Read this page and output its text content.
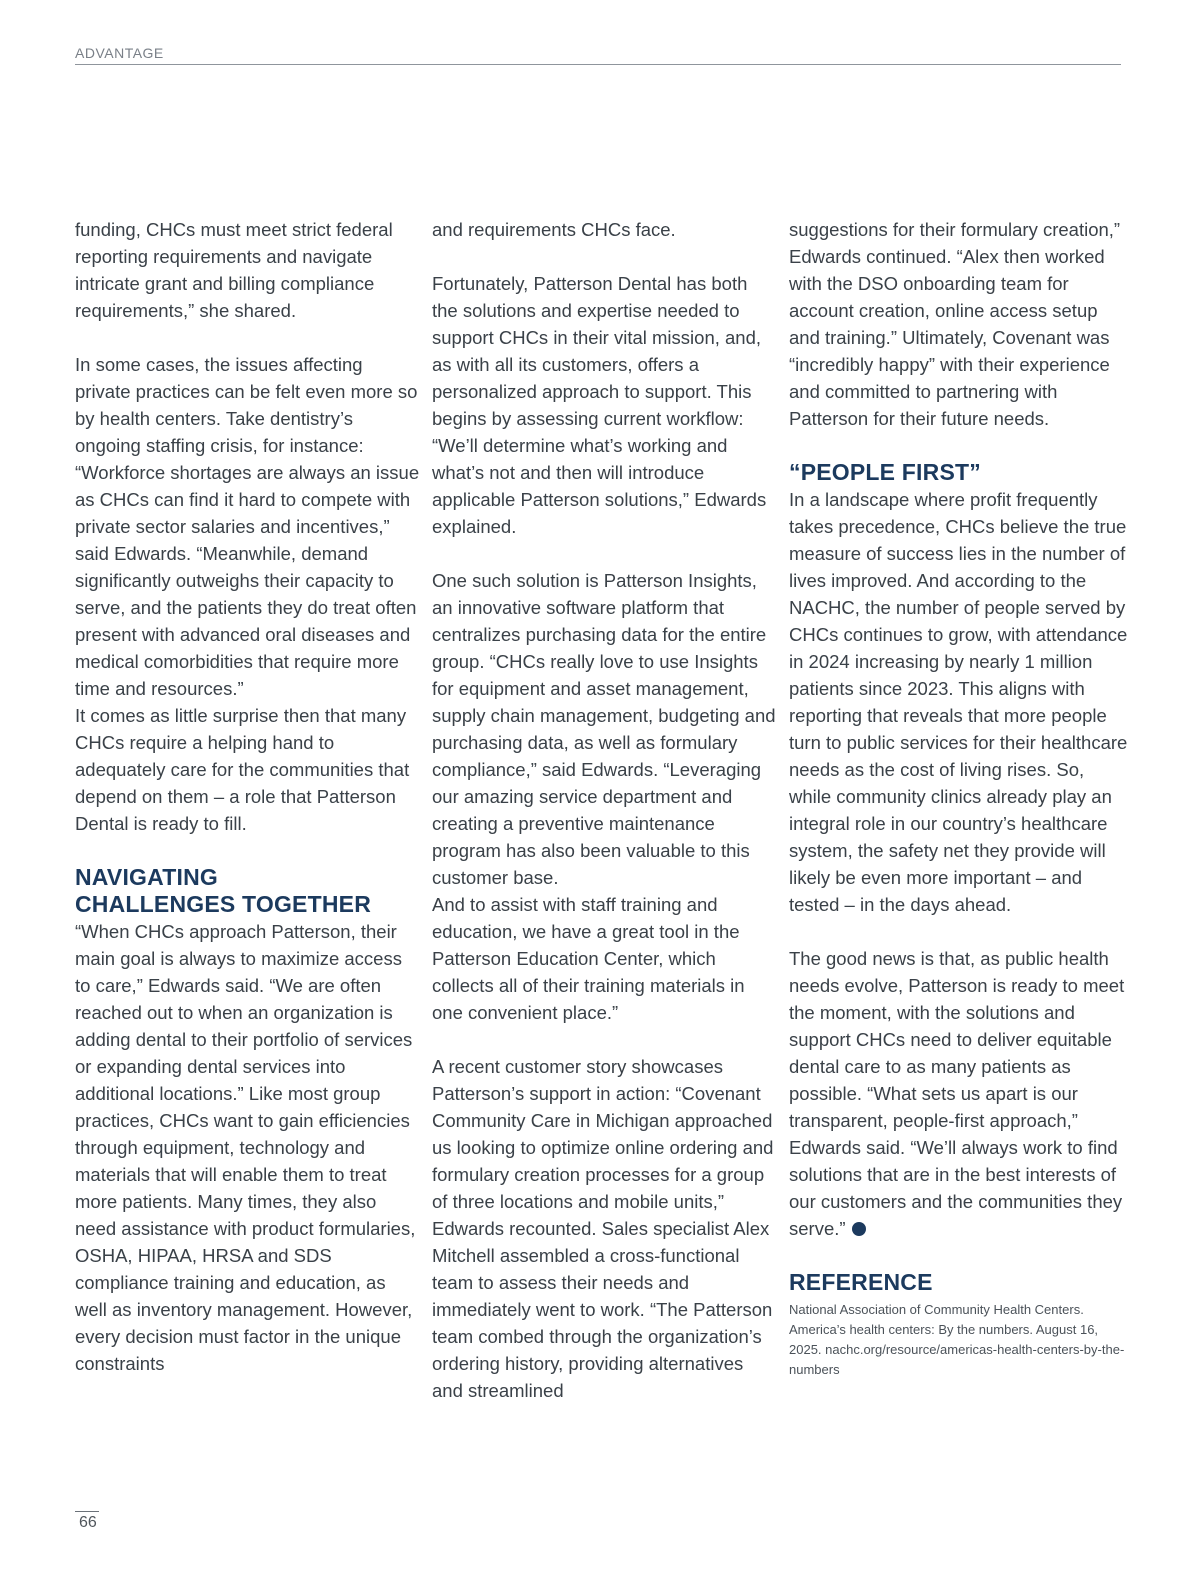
ADVANTAGE

funding, CHCs must meet strict federal reporting requirements and navigate intricate grant and billing compliance requirements,” she shared.

In some cases, the issues affecting private practices can be felt even more so by health centers. Take dentistry’s ongoing staffing crisis, for instance: “Workforce shortages are always an issue as CHCs can find it hard to compete with private sector salaries and incentives,” said Edwards. “Meanwhile, demand significantly outweighs their capacity to serve, and the patients they do treat often present with advanced oral diseases and medical comorbidities that require more time and resources.”

It comes as little surprise then that many CHCs require a helping hand to adequately care for the communities that depend on them – a role that Patterson Dental is ready to fill.

NAVIGATING
CHALLENGES TOGETHER

“When CHCs approach Patterson, their main goal is always to maximize access to care,” Edwards said. “We are often reached out to when an organization is adding dental to their portfolio of services or expanding dental services into additional locations.” Like most group practices, CHCs want to gain efficiencies through equipment, technology and materials that will enable them to treat more patients. Many times, they also need assistance with product formularies, OSHA, HIPAA, HRSA and SDS compliance training and education, as well as inventory management. However, every decision must factor in the unique constraints

and requirements CHCs face.

Fortunately, Patterson Dental has both the solutions and expertise needed to support CHCs in their vital mission, and, as with all its customers, offers a personalized approach to support. This begins by assessing current workflow: “We’ll determine what’s working and what’s not and then will introduce applicable Patterson solutions,” Edwards explained.

One such solution is Patterson Insights, an innovative software platform that centralizes purchasing data for the entire group. “CHCs really love to use Insights for equipment and asset management, supply chain management, budgeting and purchasing data, as well as formulary compliance,” said Edwards. “Leveraging our amazing service department and creating a preventive maintenance program has also been valuable to this customer base.

And to assist with staff training and education, we have a great tool in the Patterson Education Center, which collects all of their training materials in one convenient place.”

A recent customer story showcases Patterson’s support in action: “Covenant Community Care in Michigan approached us looking to optimize online ordering and formulary creation processes for a group of three locations and mobile units,” Edwards recounted. Sales specialist Alex Mitchell assembled a cross-functional team to assess their needs and immediately went to work. “The Patterson team combed through the organization’s ordering history, providing alternatives and streamlined

suggestions for their formulary creation,” Edwards continued. “Alex then worked with the DSO onboarding team for account creation, online access setup and training.” Ultimately, Covenant was “incredibly happy” with their experience and committed to partnering with Patterson for their future needs.

“PEOPLE FIRST”

In a landscape where profit frequently takes precedence, CHCs believe the true measure of success lies in the number of lives improved. And according to the NACHC, the number of people served by CHCs continues to grow, with attendance in 2024 increasing by nearly 1 million patients since 2023. This aligns with reporting that reveals that more people turn to public services for their healthcare needs as the cost of living rises. So, while community clinics already play an integral role in our country’s healthcare system, the safety net they provide will likely be even more important – and tested – in the days ahead.

The good news is that, as public health needs evolve, Patterson is ready to meet the moment, with the solutions and support CHCs need to deliver equitable dental care to as many patients as possible. “What sets us apart is our transparent, people-first approach,” Edwards said. “We’ll always work to find solutions that are in the best interests of our customers and the communities they serve.”

REFERENCE
National Association of Community Health Centers. America’s health centers: By the numbers. August 16, 2025. nachc.org/resource/americas-health-centers-by-the-numbers
66
